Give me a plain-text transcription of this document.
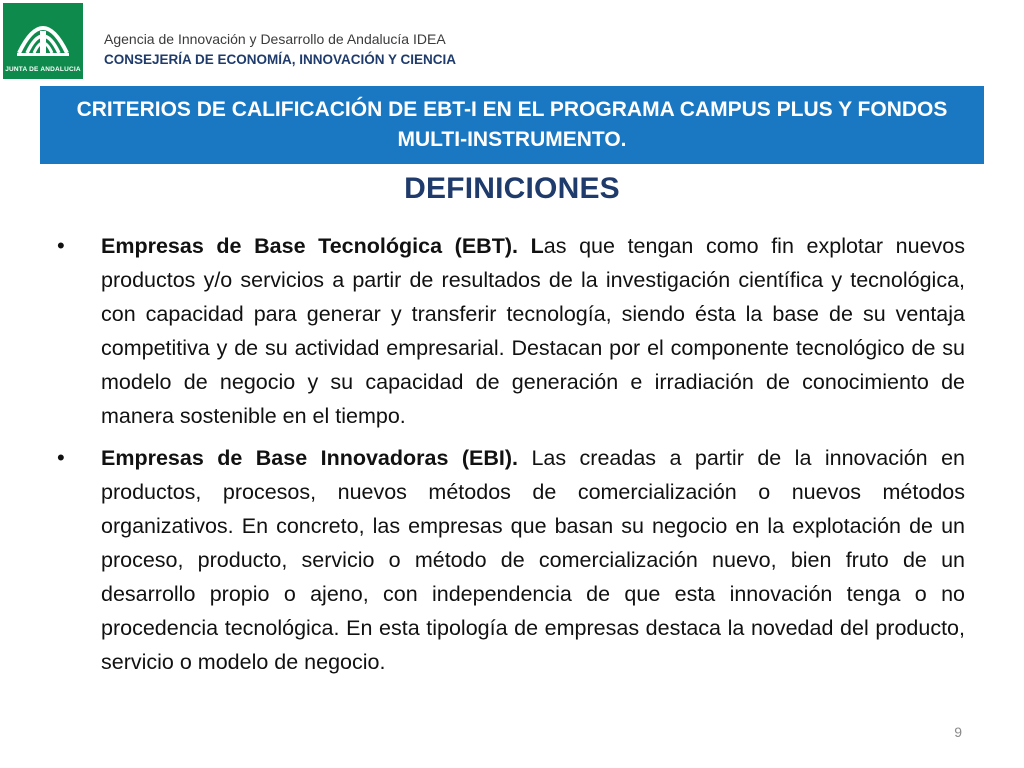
JUNTA DE ANDALUCIA
Agencia de Innovación y Desarrollo de Andalucía IDEA
CONSEJERÍA DE ECONOMÍA, INNOVACIÓN Y CIENCIA
CRITERIOS DE CALIFICACIÓN DE EBT-I EN EL PROGRAMA CAMPUS PLUS Y FONDOS MULTI-INSTRUMENTO.
DEFINICIONES
• Empresas de Base Tecnológica (EBT). Las que tengan como fin explotar nuevos productos y/o servicios a partir de resultados de la investigación científica y tecnológica, con capacidad para generar y transferir tecnología, siendo ésta la base de su ventaja competitiva y de su actividad empresarial. Destacan por el componente tecnológico de su modelo de negocio y su capacidad de generación e irradiación de conocimiento de manera sostenible en el tiempo.
• Empresas de Base Innovadoras (EBI). Las creadas a partir de la innovación en productos, procesos, nuevos métodos de comercialización o nuevos métodos organizativos. En concreto, las empresas que basan su negocio en la explotación de un proceso, producto, servicio o método de comercialización nuevo, bien fruto de un desarrollo propio o ajeno, con independencia de que esta innovación tenga o no procedencia tecnológica. En esta tipología de empresas destaca la novedad del producto, servicio o modelo de negocio.
9
